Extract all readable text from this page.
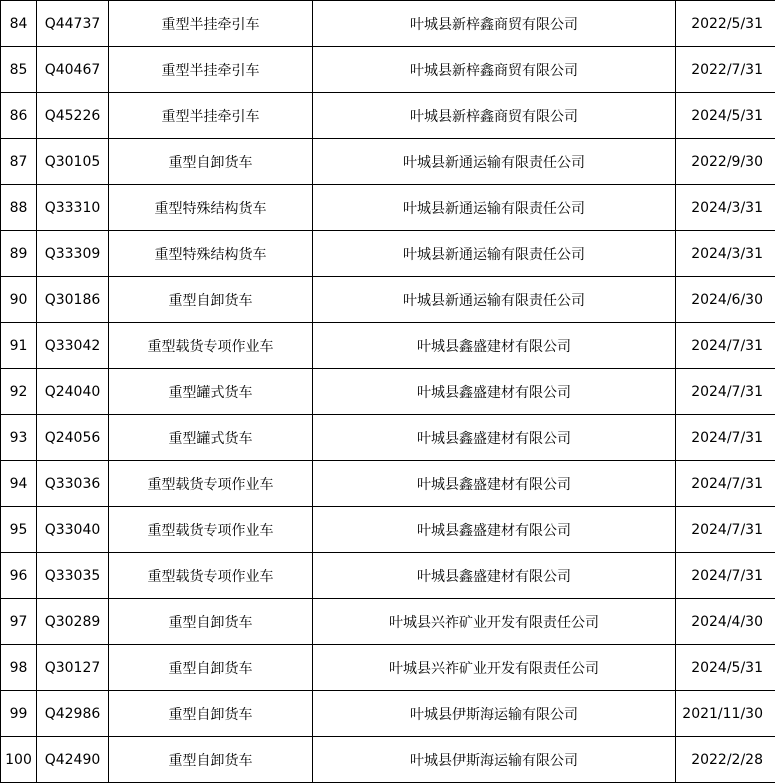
84	Q44737	重型半挂牵引车	叶城县新梓鑫商贸有限公司	2022/5/31
85	Q40467	重型半挂牵引车	叶城县新梓鑫商贸有限公司	2022/7/31
86	Q45226	重型半挂牵引车	叶城县新梓鑫商贸有限公司	2024/5/31
87	Q30105	重型自卸货车	叶城县新通运输有限责任公司	2022/9/30
88	Q33310	重型特殊结构货车	叶城县新通运输有限责任公司	2024/3/31
89	Q33309	重型特殊结构货车	叶城县新通运输有限责任公司	2024/3/31
90	Q30186	重型自卸货车	叶城县新通运输有限责任公司	2024/6/30
91	Q33042	重型载货专项作业车	叶城县鑫盛建材有限公司	2024/7/31
92	Q24040	重型罐式货车	叶城县鑫盛建材有限公司	2024/7/31
93	Q24056	重型罐式货车	叶城县鑫盛建材有限公司	2024/7/31
94	Q33036	重型载货专项作业车	叶城县鑫盛建材有限公司	2024/7/31
95	Q33040	重型载货专项作业车	叶城县鑫盛建材有限公司	2024/7/31
96	Q33035	重型载货专项作业车	叶城县鑫盛建材有限公司	2024/7/31
97	Q30289	重型自卸货车	叶城县兴祚矿业开发有限责任公司	2024/4/30
98	Q30127	重型自卸货车	叶城县兴祚矿业开发有限责任公司	2024/5/31
99	Q42986	重型自卸货车	叶城县伊斯海运输有限公司	2021/11/30
100	Q42490	重型自卸货车	叶城县伊斯海运输有限公司	2022/2/28
